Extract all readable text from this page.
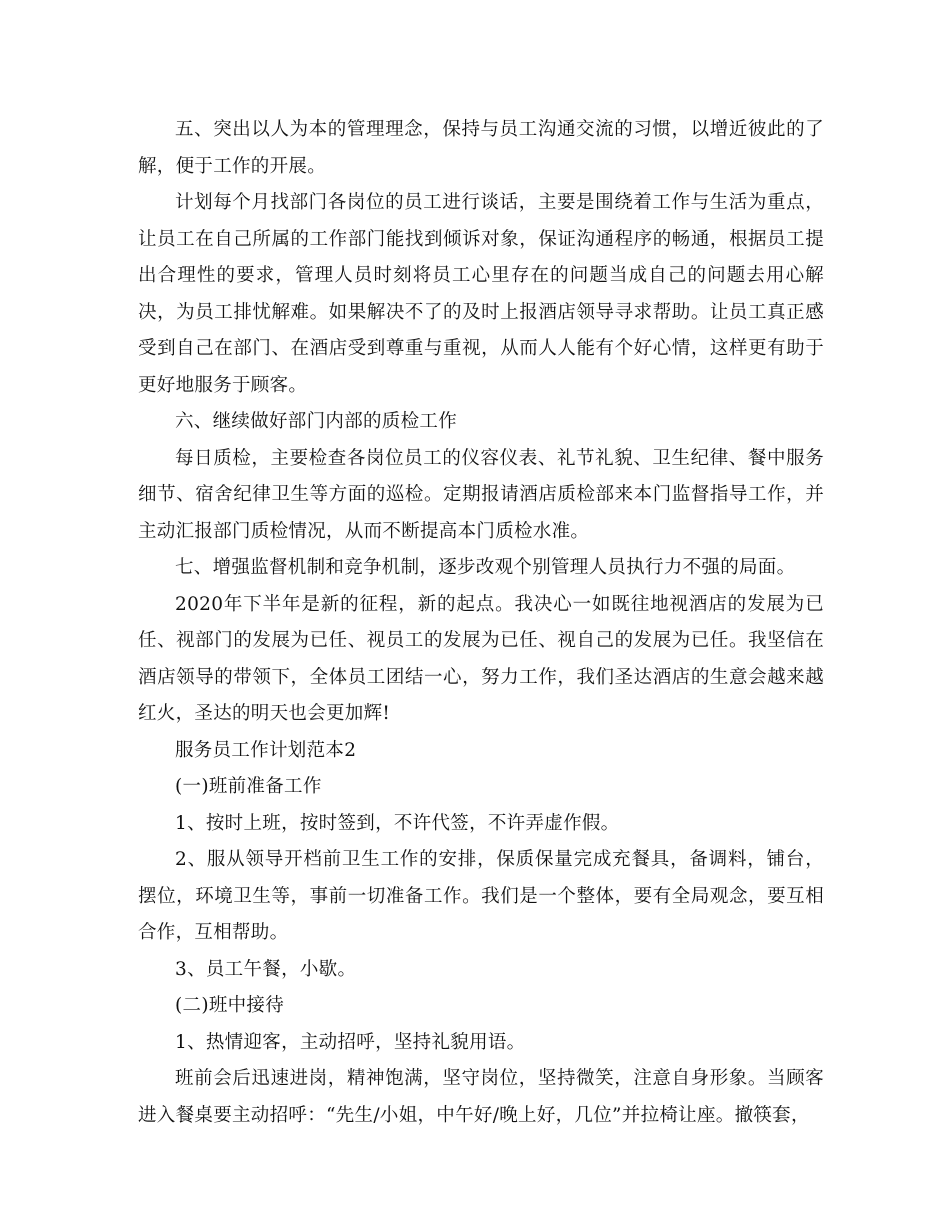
五、突出以人为本的管理理念，保持与员工沟通交流的习惯，以增近彼此的了解，便于工作的开展。

计划每个月找部门各岗位的员工进行谈话，主要是围绕着工作与生活为重点，让员工在自己所属的工作部门能找到倾诉对象，保证沟通程序的畅通，根据员工提出合理性的要求，管理人员时刻将员工心里存在的问题当成自己的问题去用心解决，为员工排忧解难。如果解决不了的及时上报酒店领导寻求帮助。让员工真正感受到自己在部门、在酒店受到尊重与重视，从而人人能有个好心情，这样更有助于更好地服务于顾客。

六、继续做好部门内部的质检工作

每日质检，主要检查各岗位员工的仪容仪表、礼节礼貌、卫生纪律、餐中服务细节、宿舍纪律卫生等方面的巡检。定期报请酒店质检部来本门监督指导工作，并主动汇报部门质检情况，从而不断提高本门质检水准。

七、增强监督机制和竞争机制，逐步改观个别管理人员执行力不强的局面。

2020年下半年是新的征程，新的起点。我决心一如既往地视酒店的发展为已任、视部门的发展为已任、视员工的发展为已任、视自己的发展为已任。我坚信在酒店领导的带领下，全体员工团结一心，努力工作，我们圣达酒店的生意会越来越红火，圣达的明天也会更加辉!

服务员工作计划范本2

(一)班前准备工作

1、按时上班，按时签到，不许代签，不许弄虚作假。

2、服从领导开档前卫生工作的安排，保质保量完成充餐具，备调料，铺台，摆位，环境卫生等，事前一切准备工作。我们是一个整体，要有全局观念，要互相合作，互相帮助。

3、员工午餐，小歇。

(二)班中接待

1、热情迎客，主动招呼，坚持礼貌用语。

班前会后迅速进岗，精神饱满，坚守岗位，坚持微笑，注意自身形象。当顾客进入餐桌要主动招呼：“先生/小姐，中午好/晚上好，几位”并拉椅让座。撤筷套，
